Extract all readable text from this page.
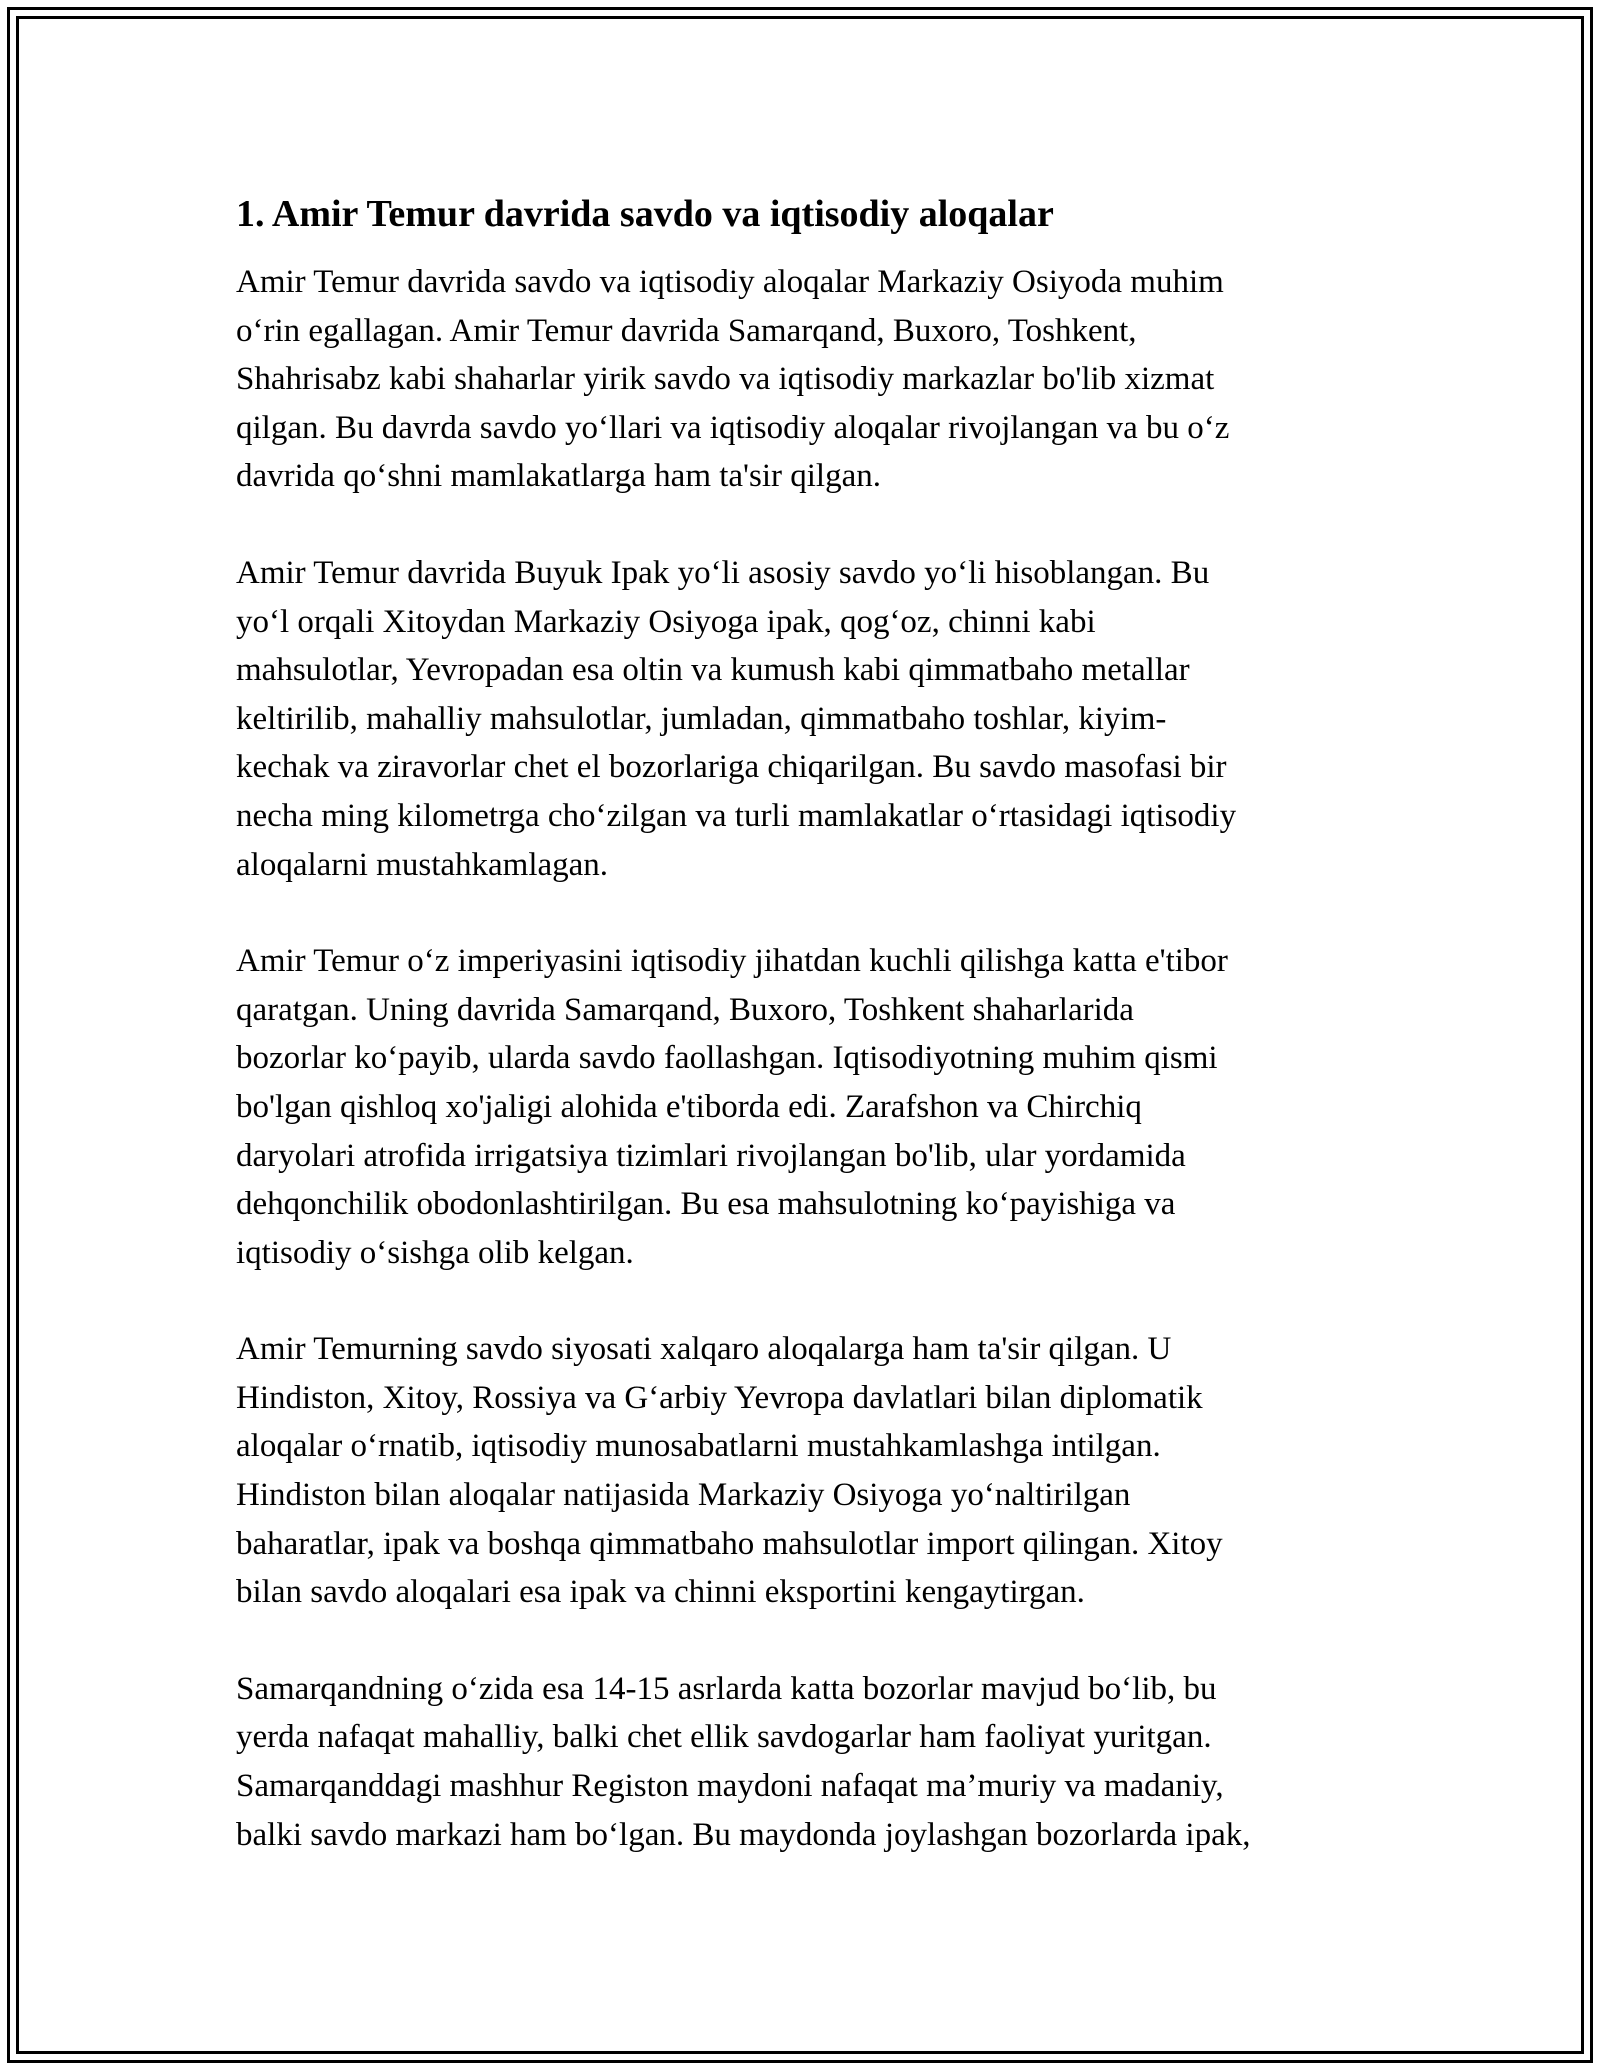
1. Amir Temur davrida savdo va iqtisodiy aloqalar

Amir Temur davrida savdo va iqtisodiy aloqalar Markaziy Osiyoda muhim
o‘rin egallagan. Amir Temur davrida Samarqand, Buxoro, Toshkent,
Shahrisabz kabi shaharlar yirik savdo va iqtisodiy markazlar bo'lib xizmat
qilgan. Bu davrda savdo yo‘llari va iqtisodiy aloqalar rivojlangan va bu o‘z
davrida qo‘shni mamlakatlarga ham ta'sir qilgan.

Amir Temur davrida Buyuk Ipak yo‘li asosiy savdo yo‘li hisoblangan. Bu
yo‘l orqali Xitoydan Markaziy Osiyoga ipak, qog‘oz, chinni kabi
mahsulotlar, Yevropadan esa oltin va kumush kabi qimmatbaho metallar
keltirilib, mahalliy mahsulotlar, jumladan, qimmatbaho toshlar, kiyim-
kechak va ziravorlar chet el bozorlariga chiqarilgan. Bu savdo masofasi bir
necha ming kilometrga cho‘zilgan va turli mamlakatlar o‘rtasidagi iqtisodiy
aloqalarni mustahkamlagan.

Amir Temur o‘z imperiyasini iqtisodiy jihatdan kuchli qilishga katta e'tibor
qaratgan. Uning davrida Samarqand, Buxoro, Toshkent shaharlarida
bozorlar ko‘payib, ularda savdo faollashgan. Iqtisodiyotning muhim qismi
bo'lgan qishloq xo'jaligi alohida e'tiborda edi. Zarafshon va Chirchiq
daryolari atrofida irrigatsiya tizimlari rivojlangan bo'lib, ular yordamida
dehqonchilik obodonlashtirilgan. Bu esa mahsulotning ko‘payishiga va
iqtisodiy o‘sishga olib kelgan.

Amir Temurning savdo siyosati xalqaro aloqalarga ham ta'sir qilgan. U
Hindiston, Xitoy, Rossiya va G‘arbiy Yevropa davlatlari bilan diplomatik
aloqalar o‘rnatib, iqtisodiy munosabatlarni mustahkamlashga intilgan.
Hindiston bilan aloqalar natijasida Markaziy Osiyoga yo‘naltirilgan
baharatlar, ipak va boshqa qimmatbaho mahsulotlar import qilingan. Xitoy
bilan savdo aloqalari esa ipak va chinni eksportini kengaytirgan.

Samarqandning o‘zida esa 14-15 asrlarda katta bozorlar mavjud bo‘lib, bu
yerda nafaqat mahalliy, balki chet ellik savdogarlar ham faoliyat yuritgan.
Samarqanddagi mashhur Registon maydoni nafaqat ma’muriy va madaniy,
balki savdo markazi ham bo‘lgan. Bu maydonda joylashgan bozorlarda ipak,
